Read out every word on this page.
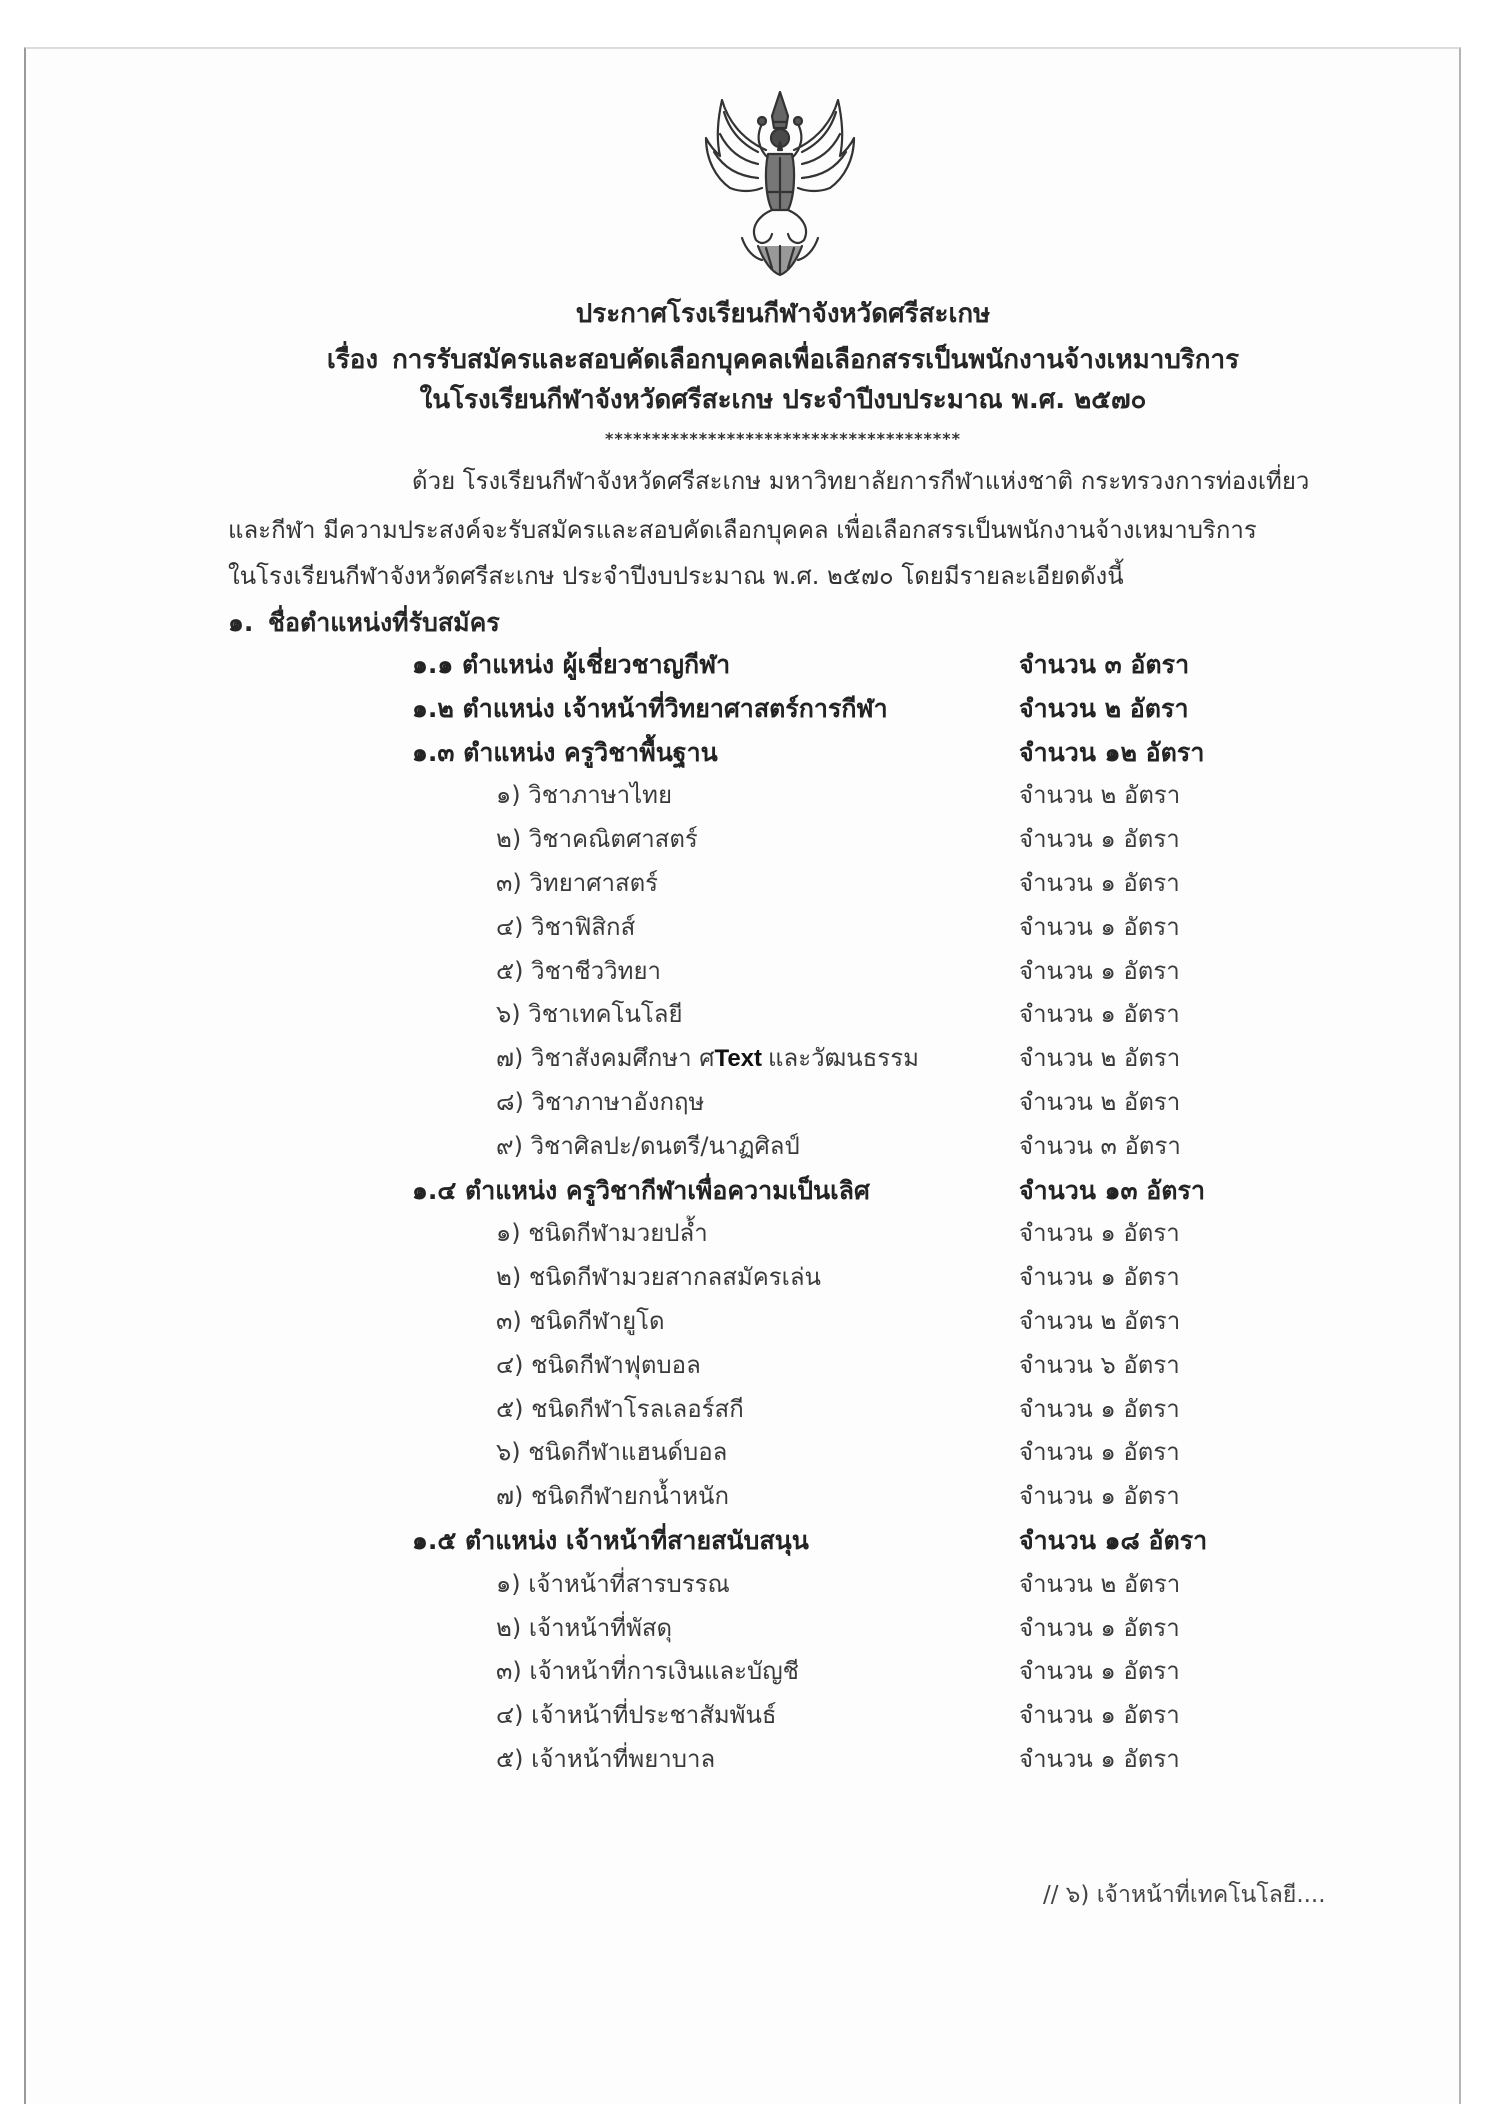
ประกาศโรงเรียนกีฬาจังหวัดศรีสะเกษ
เรื่อง การรับสมัครและสอบคัดเลือกบุคคลเพื่อเลือกสรรเป็นพนักงานจ้างเหมาบริการ
ในโรงเรียนกีฬาจังหวัดศรีสะเกษ ประจำปีงบประมาณ พ.ศ. ๒๕๗๐
**************************************
ด้วย โรงเรียนกีฬาจังหวัดศรีสะเกษ มหาวิทยาลัยการกีฬาแห่งชาติ กระทรวงการท่องเที่ยว
และกีฬา มีความประสงค์จะรับสมัครและสอบคัดเลือกบุคคล เพื่อเลือกสรรเป็นพนักงานจ้างเหมาบริการ
ในโรงเรียนกีฬาจังหวัดศรีสะเกษ ประจำปีงบประมาณ พ.ศ. ๒๕๗๐ โดยมีรายละเอียดดังนี้
๑. ชื่อตำแหน่งที่รับสมัคร
๑.๑ ตำแหน่ง ผู้เชี่ยวชาญกีฬา	จำนวน ๓ อัตรา
๑.๒ ตำแหน่ง เจ้าหน้าที่วิทยาศาสตร์การกีฬา	จำนวน ๒ อัตรา
๑.๓ ตำแหน่ง ครูวิชาพื้นฐาน	จำนวน ๑๒ อัตรา
๑) วิชาภาษาไทย	จำนวน ๒ อัตรา
๒) วิชาคณิตศาสตร์	จำนวน ๑ อัตรา
๓) วิทยาศาสตร์	จำนวน ๑ อัตรา
๔) วิชาฟิสิกส์	จำนวน ๑ อัตรา
๕) วิชาชีววิทยา	จำนวน ๑ อัตรา
๖) วิชาเทคโนโลยี	จำนวน ๑ อัตรา
๗) วิชาสังคมศึกษา ศText และวัฒนธรรม	จำนวน ๒ อัตรา
๘) วิชาภาษาอังกฤษ	จำนวน ๒ อัตรา
๙) วิชาศิลปะ/ดนตรี/นาฏศิลป์	จำนวน ๓ อัตรา
๑.๔ ตำแหน่ง ครูวิชากีฬาเพื่อความเป็นเลิศ	จำนวน ๑๓ อัตรา
๑) ชนิดกีฬามวยปล้ำ	จำนวน ๑ อัตรา
๒) ชนิดกีฬามวยสากลสมัครเล่น	จำนวน ๑ อัตรา
๓) ชนิดกีฬายูโด	จำนวน ๒ อัตรา
๔) ชนิดกีฬาฟุตบอล	จำนวน ๖ อัตรา
๕) ชนิดกีฬาโรลเลอร์สกี	จำนวน ๑ อัตรา
๖) ชนิดกีฬาแฮนด์บอล	จำนวน ๑ อัตรา
๗) ชนิดกีฬายกน้ำหนัก	จำนวน ๑ อัตรา
๑.๕ ตำแหน่ง เจ้าหน้าที่สายสนับสนุน	จำนวน ๑๘ อัตรา
๑) เจ้าหน้าที่สารบรรณ	จำนวน ๒ อัตรา
๒) เจ้าหน้าที่พัสดุ	จำนวน ๑ อัตรา
๓) เจ้าหน้าที่การเงินและบัญชี	จำนวน ๑ อัตรา
๔) เจ้าหน้าที่ประชาสัมพันธ์	จำนวน ๑ อัตรา
๕) เจ้าหน้าที่พยาบาล	จำนวน ๑ อัตรา
// ๖) เจ้าหน้าที่เทคโนโลยี....
